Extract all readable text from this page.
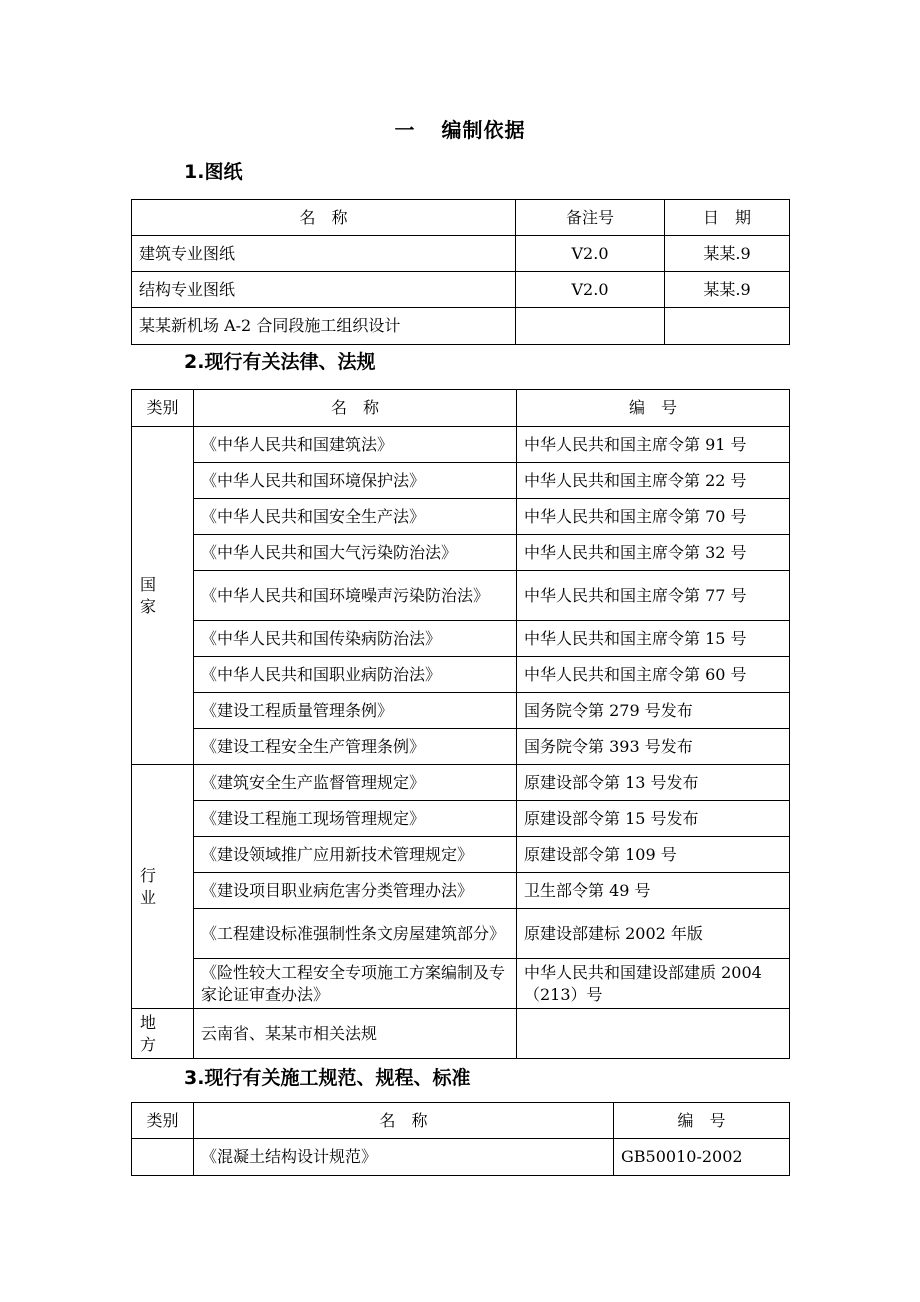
一 编制依据
1.图纸
名　称	备注号	日　期
建筑专业图纸	V2.0	某某.9
结构专业图纸	V2.0	某某.9
某某新机场 A-2 合同段施工组织设计		
2.现行有关法律、法规
类别	名　称	编　号
国
家	《中华人民共和国建筑法》	中华人民共和国主席令第 91 号
	《中华人民共和国环境保护法》	中华人民共和国主席令第 22 号
	《中华人民共和国安全生产法》	中华人民共和国主席令第 70 号
	《中华人民共和国大气污染防治法》	中华人民共和国主席令第 32 号
	《中华人民共和国环境噪声污染防治法》	中华人民共和国主席令第 77 号
	《中华人民共和国传染病防治法》	中华人民共和国主席令第 15 号
	《中华人民共和国职业病防治法》	中华人民共和国主席令第 60 号
	《建设工程质量管理条例》	国务院令第 279 号发布
	《建设工程安全生产管理条例》	国务院令第 393 号发布
行
业	《建筑安全生产监督管理规定》	原建设部令第 13 号发布
	《建设工程施工现场管理规定》	原建设部令第 15 号发布
	《建设领域推广应用新技术管理规定》	原建设部令第 109 号
	《建设项目职业病危害分类管理办法》	卫生部令第 49 号
	《工程建设标准强制性条文房屋建筑部分》	原建设部建标 2002 年版
	《险性较大工程安全专项施工方案编制及专家论证审查办法》	中华人民共和国建设部建质 2004（213）号
地
方	云南省、某某市相关法规	
3.现行有关施工规范、规程、标准
类别	名　称	编　号
	《混凝土结构设计规范》	GB50010-2002
